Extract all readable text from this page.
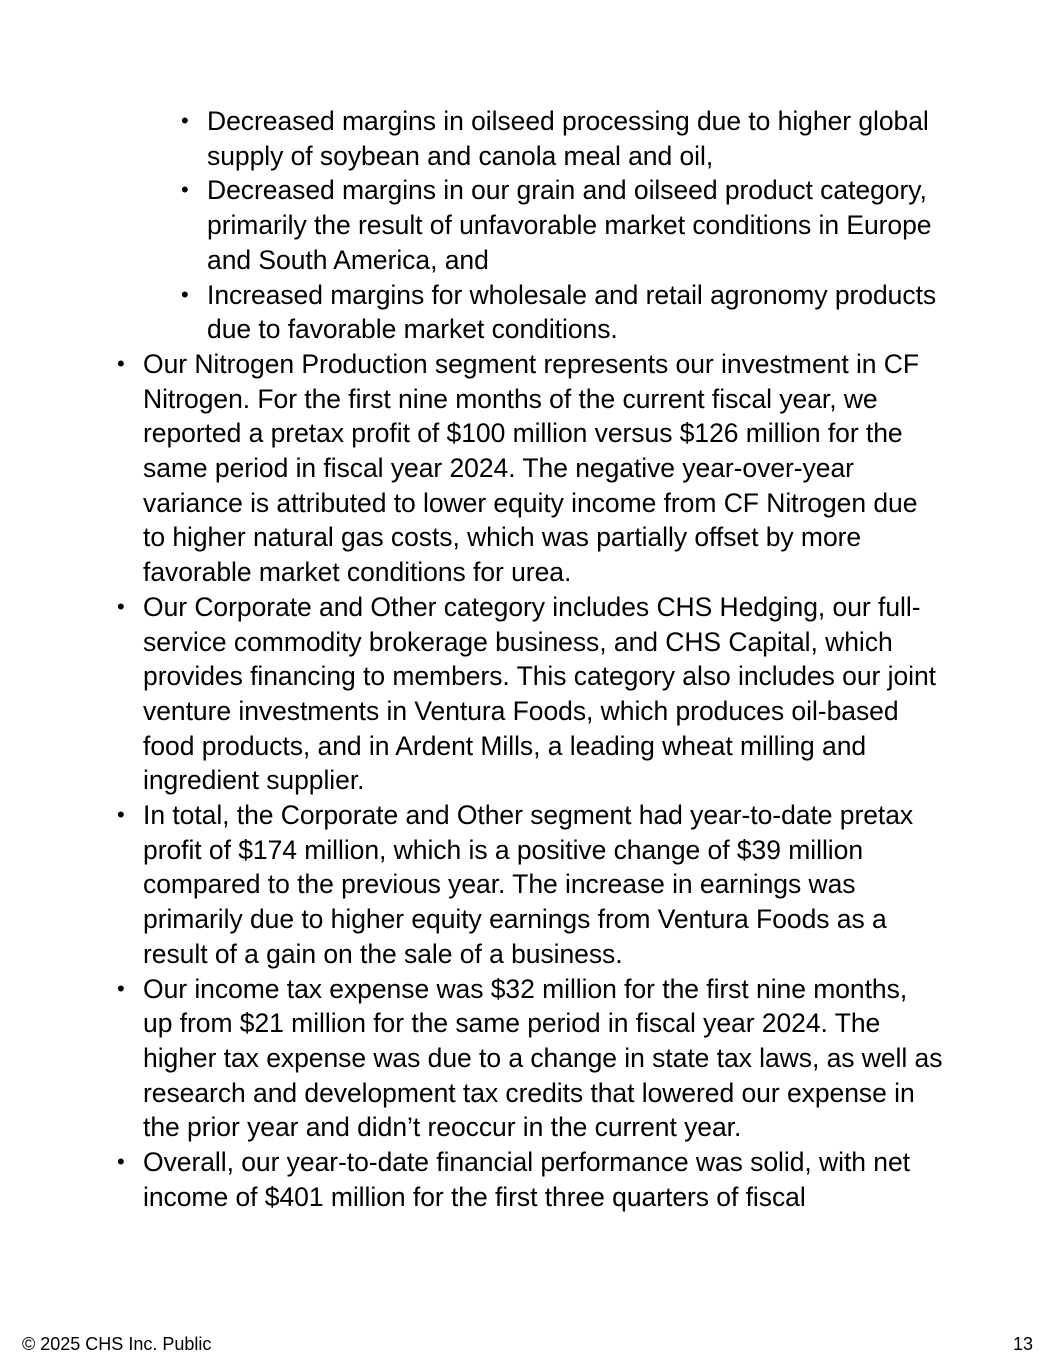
• Decreased margins in oilseed processing due to higher global supply of soybean and canola meal and oil,
• Decreased margins in our grain and oilseed product category, primarily the result of unfavorable market conditions in Europe and South America, and
• Increased margins for wholesale and retail agronomy products due to favorable market conditions.
• Our Nitrogen Production segment represents our investment in CF Nitrogen. For the first nine months of the current fiscal year, we reported a pretax profit of $100 million versus $126 million for the same period in fiscal year 2024. The negative year-over-year variance is attributed to lower equity income from CF Nitrogen due to higher natural gas costs, which was partially offset by more favorable market conditions for urea.
• Our Corporate and Other category includes CHS Hedging, our full-service commodity brokerage business, and CHS Capital, which provides financing to members. This category also includes our joint venture investments in Ventura Foods, which produces oil-based food products, and in Ardent Mills, a leading wheat milling and ingredient supplier.
• In total, the Corporate and Other segment had year-to-date pretax profit of $174 million, which is a positive change of $39 million compared to the previous year. The increase in earnings was primarily due to higher equity earnings from Ventura Foods as a result of a gain on the sale of a business.
• Our income tax expense was $32 million for the first nine months, up from $21 million for the same period in fiscal year 2024. The higher tax expense was due to a change in state tax laws, as well as research and development tax credits that lowered our expense in the prior year and didn’t reoccur in the current year.
• Overall, our year-to-date financial performance was solid, with net income of $401 million for the first three quarters of fiscal
© 2025 CHS Inc. Public	13
